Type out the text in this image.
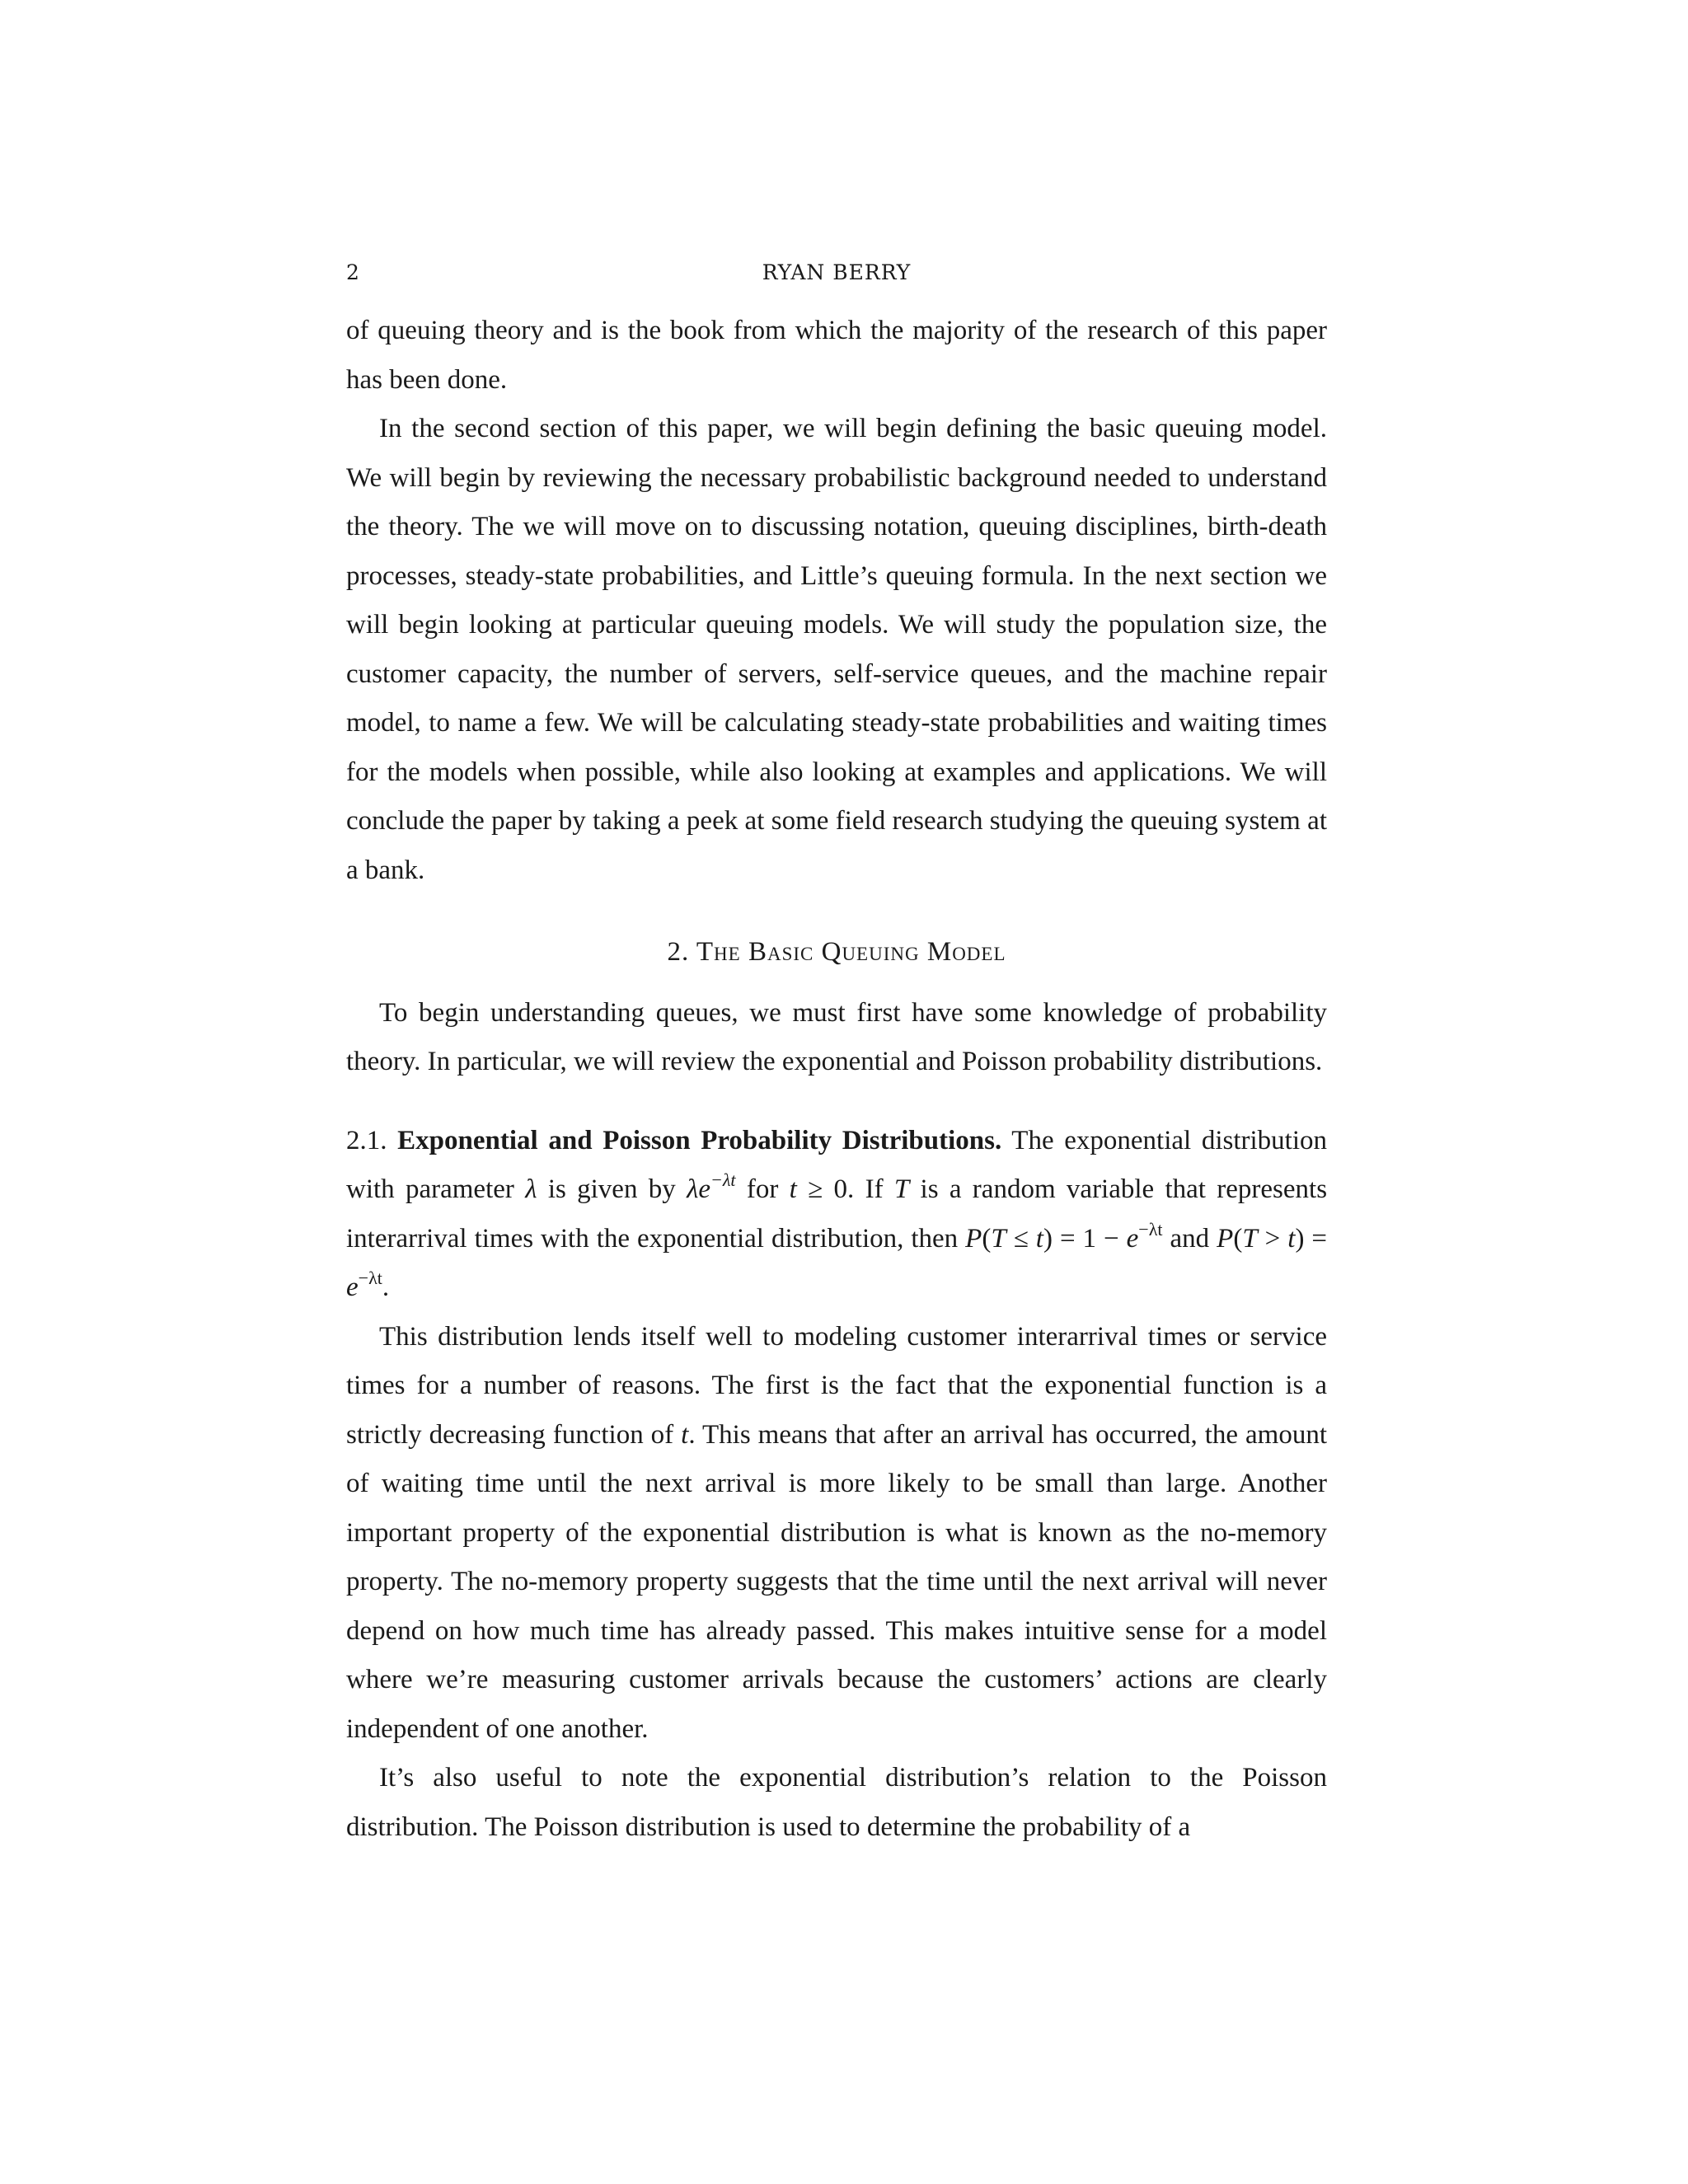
2	RYAN BERRY

of queuing theory and is the book from which the majority of the research of this paper has been done.

In the second section of this paper, we will begin defining the basic queuing model. We will begin by reviewing the necessary probabilistic background needed to understand the theory. The we will move on to discussing notation, queuing disciplines, birth-death processes, steady-state probabilities, and Little’s queuing formula. In the next section we will begin looking at particular queuing models. We will study the population size, the customer capacity, the number of servers, self-service queues, and the machine repair model, to name a few. We will be calculating steady-state probabilities and waiting times for the models when possible, while also looking at examples and applications. We will conclude the paper by taking a peek at some field research studying the queuing system at a bank.

2. The Basic Queuing Model

To begin understanding queues, we must first have some knowledge of probability theory. In particular, we will review the exponential and Poisson probability distributions.

2.1. Exponential and Poisson Probability Distributions. The exponential distribution with parameter λ is given by $\lambda e^{-\lambda t}$ for t ≥ 0. If T is a random variable that represents interarrival times with the exponential distribution, then $P(T \le t) = 1 - e^{-\lambda t}$ and $P(T > t) = e^{-\lambda t}$.

This distribution lends itself well to modeling customer interarrival times or service times for a number of reasons. The first is the fact that the exponential function is a strictly decreasing function of t. This means that after an arrival has occurred, the amount of waiting time until the next arrival is more likely to be small than large. Another important property of the exponential distribution is what is known as the no-memory property. The no-memory property suggests that the time until the next arrival will never depend on how much time has already passed. This makes intuitive sense for a model where we’re measuring customer arrivals because the customers’ actions are clearly independent of one another.

It’s also useful to note the exponential distribution’s relation to the Poisson distribution. The Poisson distribution is used to determine the probability of a
